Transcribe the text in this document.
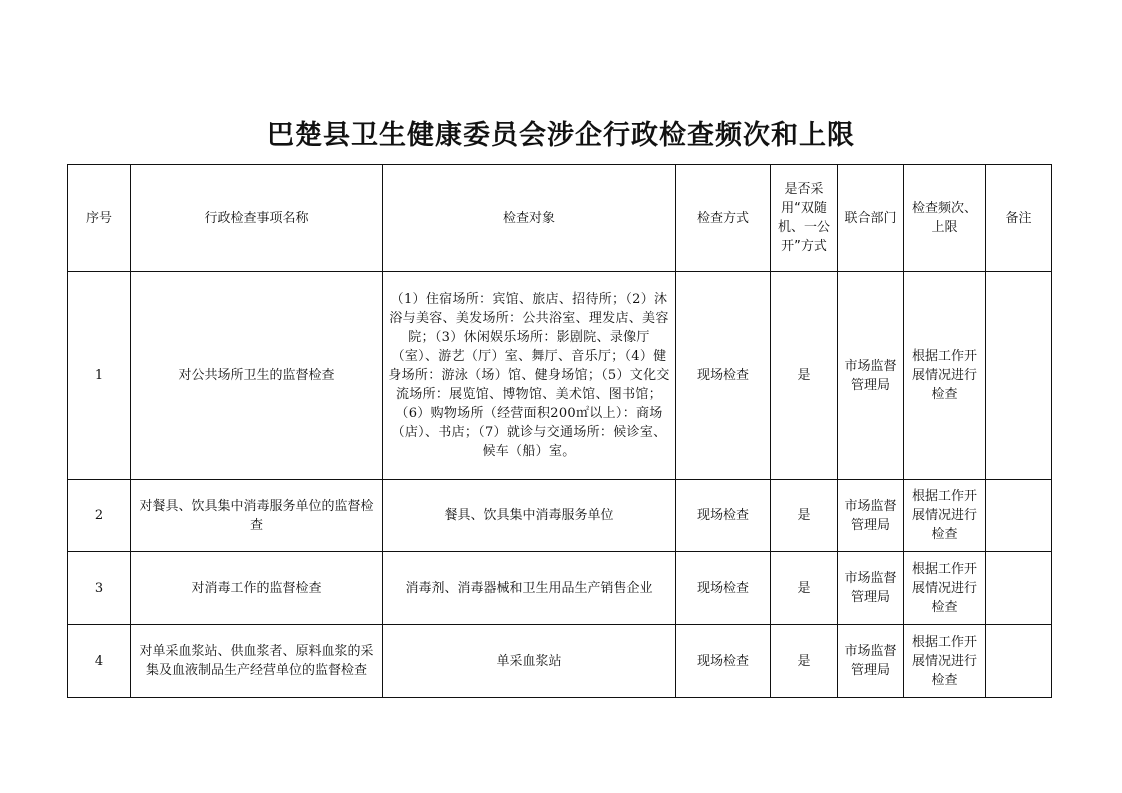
巴楚县卫生健康委员会涉企行政检查频次和上限
序号	行政检查事项名称	检查对象	检查方式	是否采用“双随机、一公开”方式	联合部门	检查频次、上限	备注
1	对公共场所卫生的监督检查	（1）住宿场所：宾馆、旅店、招待所；（2）沐浴与美容、美发场所：公共浴室、理发店、美容院；（3）休闲娱乐场所：影剧院、录像厅（室）、游艺（厅）室、舞厅、音乐厅；（4）健身场所：游泳（场）馆、健身场馆；（5）文化交流场所：展览馆、博物馆、美术馆、图书馆；（6）购物场所（经营面积200㎡以上）：商场（店）、书店；（7）就诊与交通场所：候诊室、候车（船）室。	现场检查	是	市场监督管理局	根据工作开展情况进行检查	
2	对餐具、饮具集中消毒服务单位的监督检查	餐具、饮具集中消毒服务单位	现场检查	是	市场监督管理局	根据工作开展情况进行检查	
3	对消毒工作的监督检查	消毒剂、消毒器械和卫生用品生产销售企业	现场检查	是	市场监督管理局	根据工作开展情况进行检查	
4	对单采血浆站、供血浆者、原料血浆的采集及血液制品生产经营单位的监督检查	单采血浆站	现场检查	是	市场监督管理局	根据工作开展情况进行检查	
